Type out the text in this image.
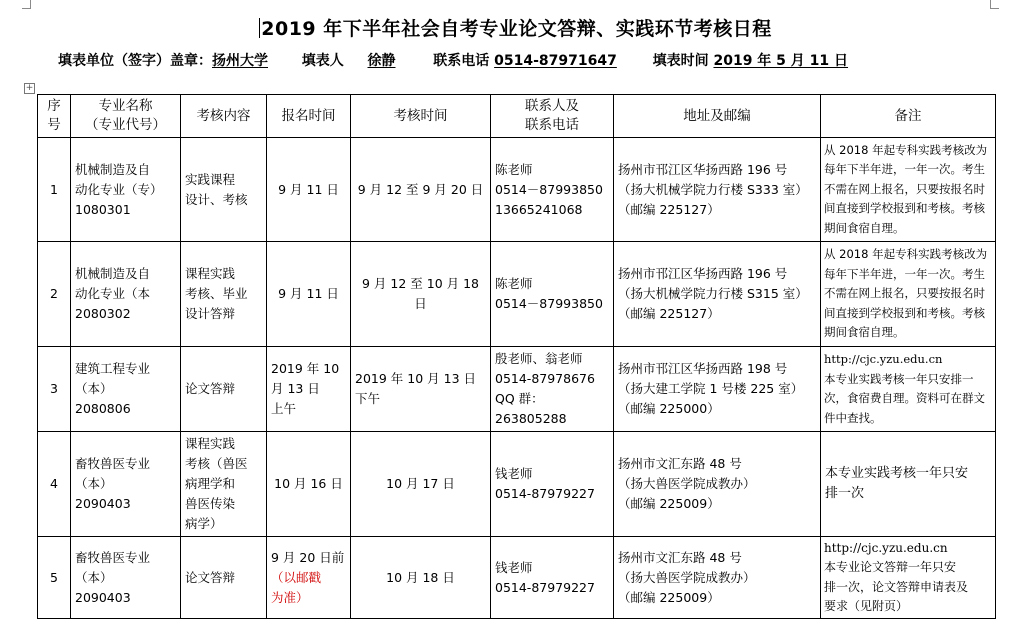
2019 年下半年社会自考专业论文答辩、实践环节考核日程
填表单位（签字）盖章：扬州大学 填表人 徐静	联系电话 0514-87971647	填表时间 2019 年 5 月 11 日
+
序
号	专业名称
（专业代号）	考核内容	报名时间	考核时间	联系人及
联系电话	地址及邮编	备注
1	机械制造及自
动化专业（专）
1080301	实践课程
设计、考核	9 月 11 日	9 月 12 至 9 月 20 日	陈老师
0514－87993850
13665241068	扬州市邗江区华扬西路 196 号
（扬大机械学院力行楼 S333 室）
（邮编 225127）	从 2018 年起专科实践考核改为
每年下半年进，一年一次。考生
不需在网上报名，只要按报名时
间直接到学校报到和考核。考核
期间食宿自理。
2	机械制造及自
动化专业（本
2080302	课程实践
考核、毕业
设计答辩	9 月 11 日	9 月 12 至 10 月 18 日	陈老师
0514－87993850	扬州市邗江区华扬西路 196 号
（扬大机械学院力行楼 S315 室）
（邮编 225127）	从 2018 年起专科实践考核改为
每年下半年进，一年一次。考生
不需在网上报名，只要按报名时
间直接到学校报到和考核。考核
期间食宿自理。
3	建筑工程专业
（本）
2080806	论文答辩	2019 年 10
月 13 日
上午	2019 年 10 月 13 日下午	殷老师、翁老师
0514-87978676
QQ 群：263805288	扬州市邗江区华扬西路 198 号
（扬大建工学院 1 号楼 225 室）
（邮编 225000）	http://cjc.yzu.edu.cn
本专业实践考核一年只安排一
次，食宿费自理。资料可在群文
件中查找。
4	畜牧兽医专业
（本）
2090403	课程实践
考核（兽医
病理学和
兽医传染
病学）	10 月 16 日	10 月 17 日	钱老师
0514-87979227	扬州市文汇东路 48 号
（扬大兽医学院成教办）
（邮编 225009）	本专业实践考核一年只安
排一次
5	畜牧兽医专业
（本）
2090403	论文答辩	9 月 20 日前
（以邮戳
为准）	10 月 18 日	钱老师
0514-87979227	扬州市文汇东路 48 号
（扬大兽医学院成教办）
（邮编 225009）	http://cjc.yzu.edu.cn
本专业论文答辩一年只安
排一次，论文答辩申请表及
要求（见附页）
